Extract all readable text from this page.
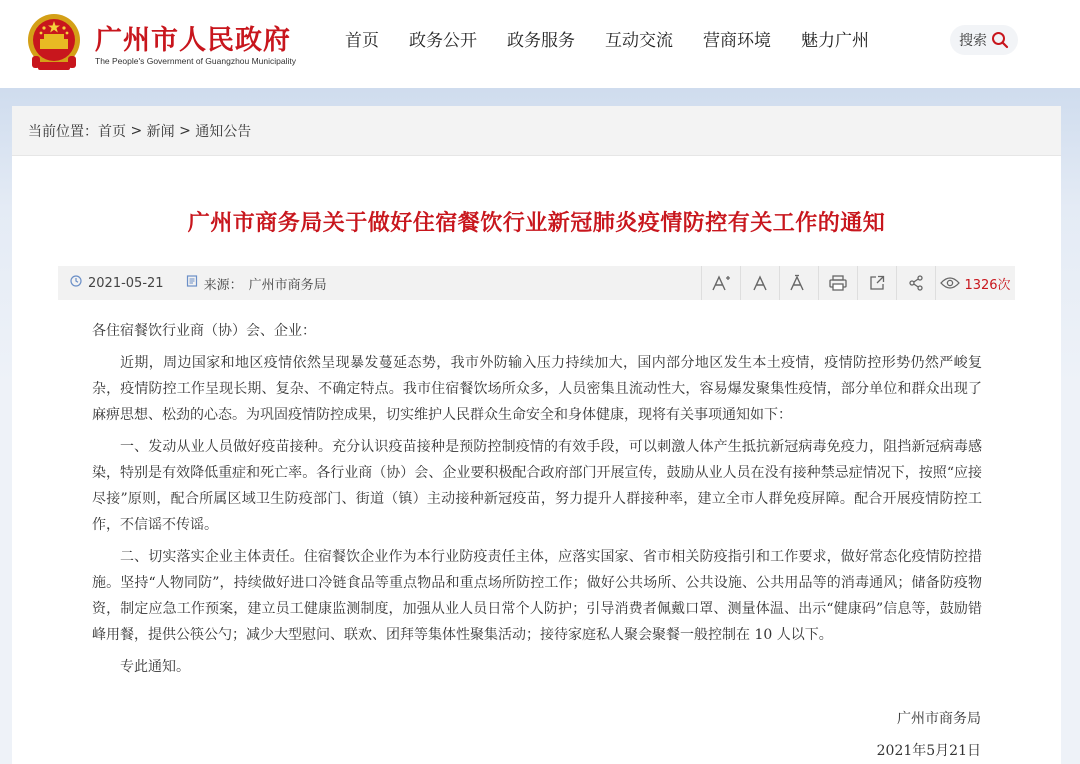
广州市人民政府
The People's Government of Guangzhou Municipality
首页	政务公开	政务服务	互动交流	营商环境	魅力广州	搜索
当前位置： 首页 > 新闻 > 通知公告
广州市商务局关于做好住宿餐饮行业新冠肺炎疫情防控有关工作的通知
2021-05-21	来源： 广州市商务局	1326次

各住宿餐饮行业商（协）会、企业：

近期，周边国家和地区疫情依然呈现暴发蔓延态势，我市外防输入压力持续加大，国内部分地区发生本土疫情，疫情防控形势仍然严峻复杂，疫情防控工作呈现长期、复杂、不确定特点。我市住宿餐饮场所众多，人员密集且流动性大，容易爆发聚集性疫情，部分单位和群众出现了麻痹思想、松劲的心态。为巩固疫情防控成果，切实维护人民群众生命安全和身体健康，现将有关事项通知如下：

一、发动从业人员做好疫苗接种。充分认识疫苗接种是预防控制疫情的有效手段，可以刺激人体产生抵抗新冠病毒免疫力，阻挡新冠病毒感染，特别是有效降低重症和死亡率。各行业商（协）会、企业要积极配合政府部门开展宣传，鼓励从业人员在没有接种禁忌症情况下，按照“应接尽接”原则，配合所属区域卫生防疫部门、街道（镇）主动接种新冠疫苗，努力提升人群接种率，建立全市人群免疫屏障。配合开展疫情防控工作，不信谣不传谣。

二、切实落实企业主体责任。住宿餐饮企业作为本行业防疫责任主体，应落实国家、省市相关防疫指引和工作要求，做好常态化疫情防控措施。坚持“人物同防”，持续做好进口冷链食品等重点物品和重点场所防控工作；做好公共场所、公共设施、公共用品等的消毒通风；储备防疫物资，制定应急工作预案，建立员工健康监测制度，加强从业人员日常个人防护；引导消费者佩戴口罩、测量体温、出示“健康码”信息等，鼓励错峰用餐，提供公筷公勺；减少大型慰问、联欢、团拜等集体性聚集活动；接待家庭私人聚会聚餐一般控制在 10 人以下。

专此通知。

广州市商务局
2021年5月21日
